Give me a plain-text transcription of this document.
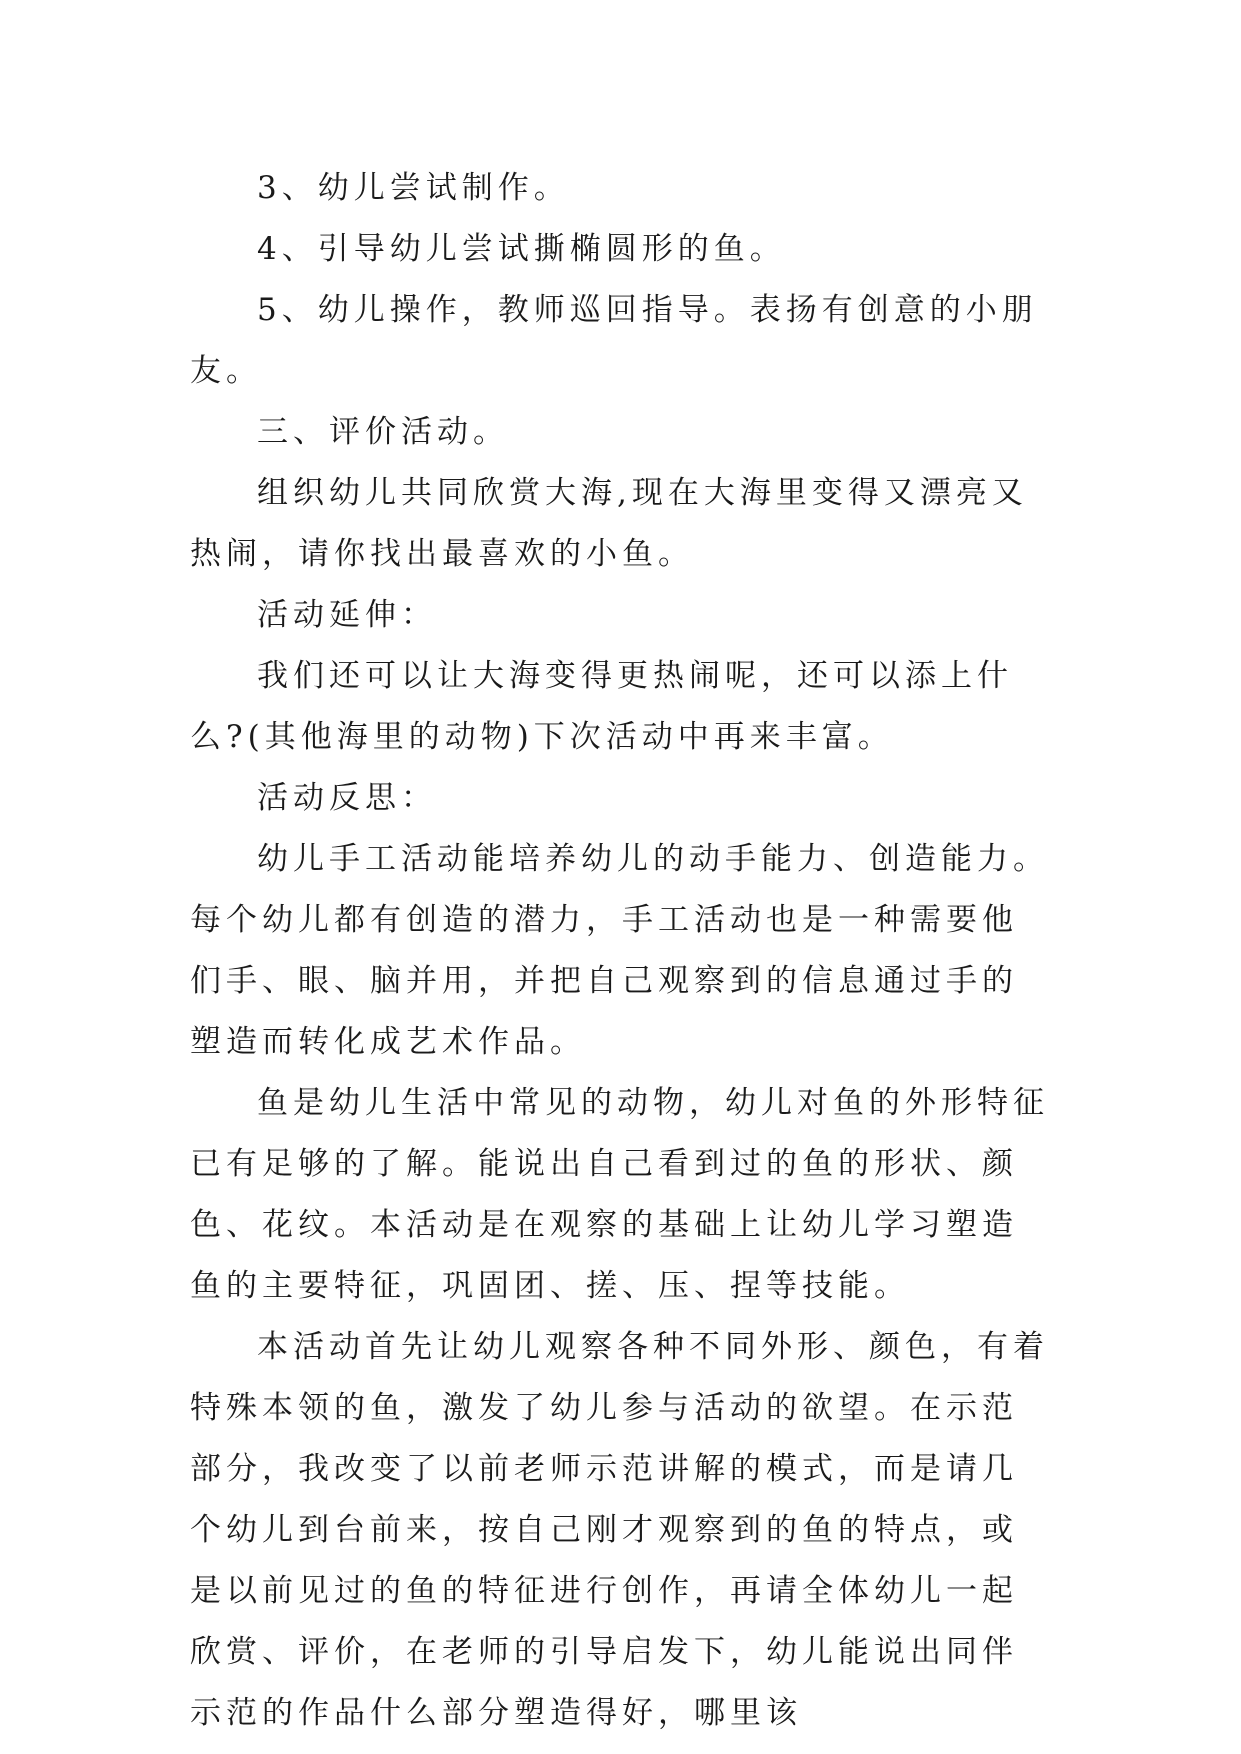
3、幼儿尝试制作。

4、引导幼儿尝试撕椭圆形的鱼。

5、幼儿操作，教师巡回指导。表扬有创意的小朋友。

三、评价活动。

组织幼儿共同欣赏大海,现在大海里变得又漂亮又热闹，请你找出最喜欢的小鱼。

活动延伸：

我们还可以让大海变得更热闹呢，还可以添上什么?(其他海里的动物)下次活动中再来丰富。

活动反思：

幼儿手工活动能培养幼儿的动手能力、创造能力。每个幼儿都有创造的潜力，手工活动也是一种需要他们手、眼、脑并用，并把自己观察到的信息通过手的塑造而转化成艺术作品。

鱼是幼儿生活中常见的动物，幼儿对鱼的外形特征已有足够的了解。能说出自己看到过的鱼的形状、颜色、花纹。本活动是在观察的基础上让幼儿学习塑造鱼的主要特征，巩固团、搓、压、捏等技能。

本活动首先让幼儿观察各种不同外形、颜色，有着特殊本领的鱼，激发了幼儿参与活动的欲望。在示范部分，我改变了以前老师示范讲解的模式，而是请几个幼儿到台前来，按自己刚才观察到的鱼的特点，或是以前见过的鱼的特征进行创作，再请全体幼儿一起欣赏、评价，在老师的引导启发下，幼儿能说出同伴示范的作品什么部分塑造得好，哪里该
